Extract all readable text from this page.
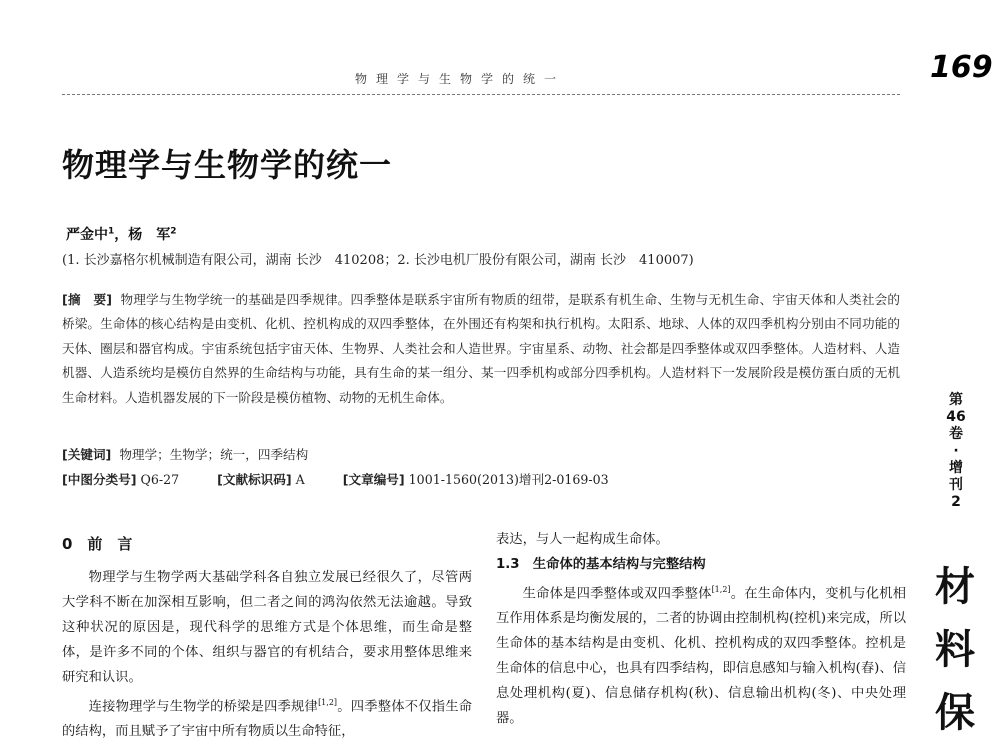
物理学与生物学的统一	169
物理学与生物学的统一
严金中$^1$，杨　军$^2$
(1. 长沙嘉格尔机械制造有限公司，湖南 长沙　410208；2. 长沙电机厂股份有限公司，湖南 长沙　410007)
[摘　要] 物理学与生物学统一的基础是四季规律。四季整体是联系宇宙所有物质的纽带，是联系有机生命、生物与无机生命、宇宙天体和人类社会的桥梁。生命体的核心结构是由变机、化机、控机构成的双四季整体，在外围还有构架和执行机构。太阳系、地球、人体的双四季机构分别由不同功能的天体、圈层和器官构成。宇宙系统包括宇宙天体、生物界、人类社会和人造世界。宇宙星系、动物、社会都是四季整体或双四季整体。人造材料、人造机器、人造系统均是模仿自然界的生命结构与功能，具有生命的某一组分、某一四季机构或部分四季机构。人造材料下一发展阶段是模仿蛋白质的无机生命材料。人造机器发展的下一阶段是模仿植物、动物的无机生命体。
[关键词] 物理学；生物学；统一，四季结构
[中图分类号] Q6-27	[文献标识码] A	[文章编号] 1001-1560(2013)增刊2-0169-03
0　前　言

物理学与生物学两大基础学科各自独立发展已经很久了，尽管两大学科不断在加深相互影响，但二者之间的鸿沟依然无法逾越。导致这种状况的原因是，现代科学的思维方式是个体思维，而生命是整体，是许多不同的个体、组织与器官的有机结合，要求用整体思维来研究和认识。

连接物理学与生物学的桥梁是四季规律[1,2]。四季整体不仅指生命的结构，而且赋予了宇宙中所有物质以生命特征，

表达，与人一起构成生命体。

1.3　生命体的基本结构与完整结构

生命体是四季整体或双四季整体[1,2]。在生命体内，变机与化机相互作用体系是均衡发展的，二者的协调由控制机构(控机)来完成，所以生命体的基本结构是由变机、化机、控机构成的双四季整体。控机是生命体的信息中心，也具有四季结构，即信息感知与输入机构(春)、信息处理机构(夏)、信息储存机构(秋)、信息输出机构(冬)、中央处理器。

第
46
卷
·
增
刊
2
材
料
保
